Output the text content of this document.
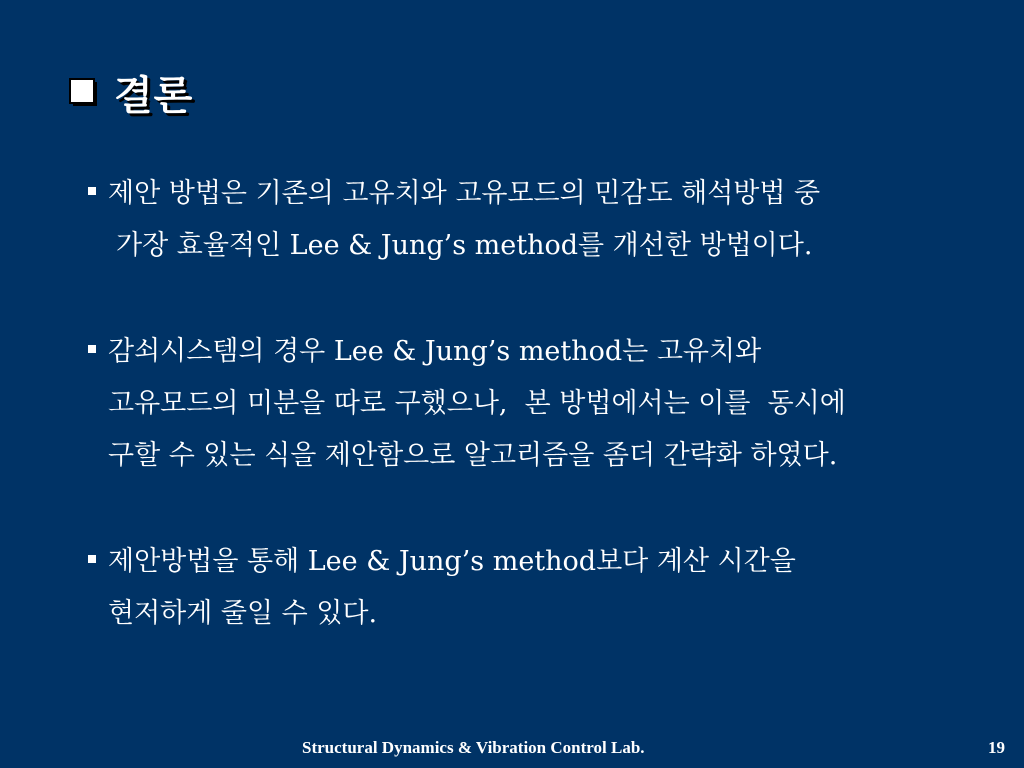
결론
제안 방법은 기존의 고유치와 고유모드의 민감도 해석방법 중
가장 효율적인 Lee & Jung’s method를 개선한 방법이다.
감쇠시스템의 경우 Lee & Jung’s method는 고유치와
고유모드의 미분을 따로 구했으나,  본 방법에서는 이를  동시에
구할 수 있는 식을 제안함으로 알고리즘을 좀더 간략화 하였다.
제안방법을 통해 Lee & Jung’s method보다 계산 시간을
현저하게 줄일 수 있다.
Structural Dynamics & Vibration Control Lab.	19
